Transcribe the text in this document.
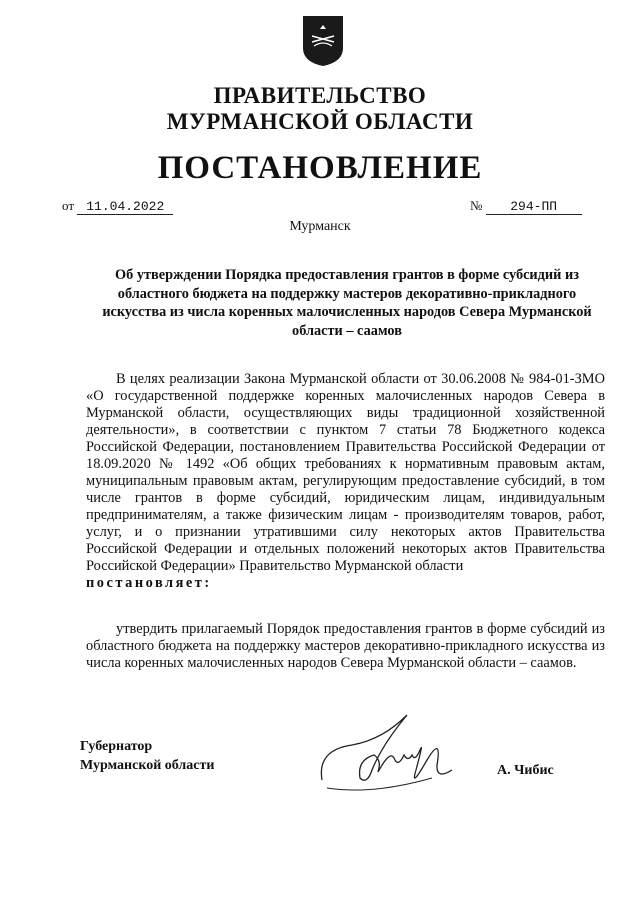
ПРАВИТЕЛЬСТВО
МУРМАНСКОЙ ОБЛАСТИ
ПОСТАНОВЛЕНИЕ
от 11.04.2022	№ 294-ПП
Мурманск
Об утверждении Порядка предоставления грантов в форме субсидий из областного бюджета на поддержку мастеров декоративно-прикладного искусства из числа коренных малочисленных народов Севера Мурманской области – саамов
В целях реализации Закона Мурманской области от 30.06.2008 № 984-01-ЗМО «О государственной поддержке коренных малочисленных народов Севера в Мурманской области, осуществляющих виды традиционной хозяйственной деятельности», в соответствии с пунктом 7 статьи 78 Бюджетного кодекса Российской Федерации, постановлением Правительства Российской Федерации от 18.09.2020 № 1492 «Об общих требованиях к нормативным правовым актам, муниципальным правовым актам, регулирующим предоставление субсидий, в том числе грантов в форме субсидий, юридическим лицам, индивидуальным предпринимателям, а также физическим лицам - производителям товаров, работ, услуг, и о признании утратившими силу некоторых актов Правительства Российской Федерации и отдельных положений некоторых актов Правительства Российской Федерации» Правительство Мурманской области
постановляет:
утвердить прилагаемый Порядок предоставления грантов в форме субсидий из областного бюджета на поддержку мастеров декоративно-прикладного искусства из числа коренных малочисленных народов Севера Мурманской области – саамов.
Губернатор
Мурманской области	А. Чибис
